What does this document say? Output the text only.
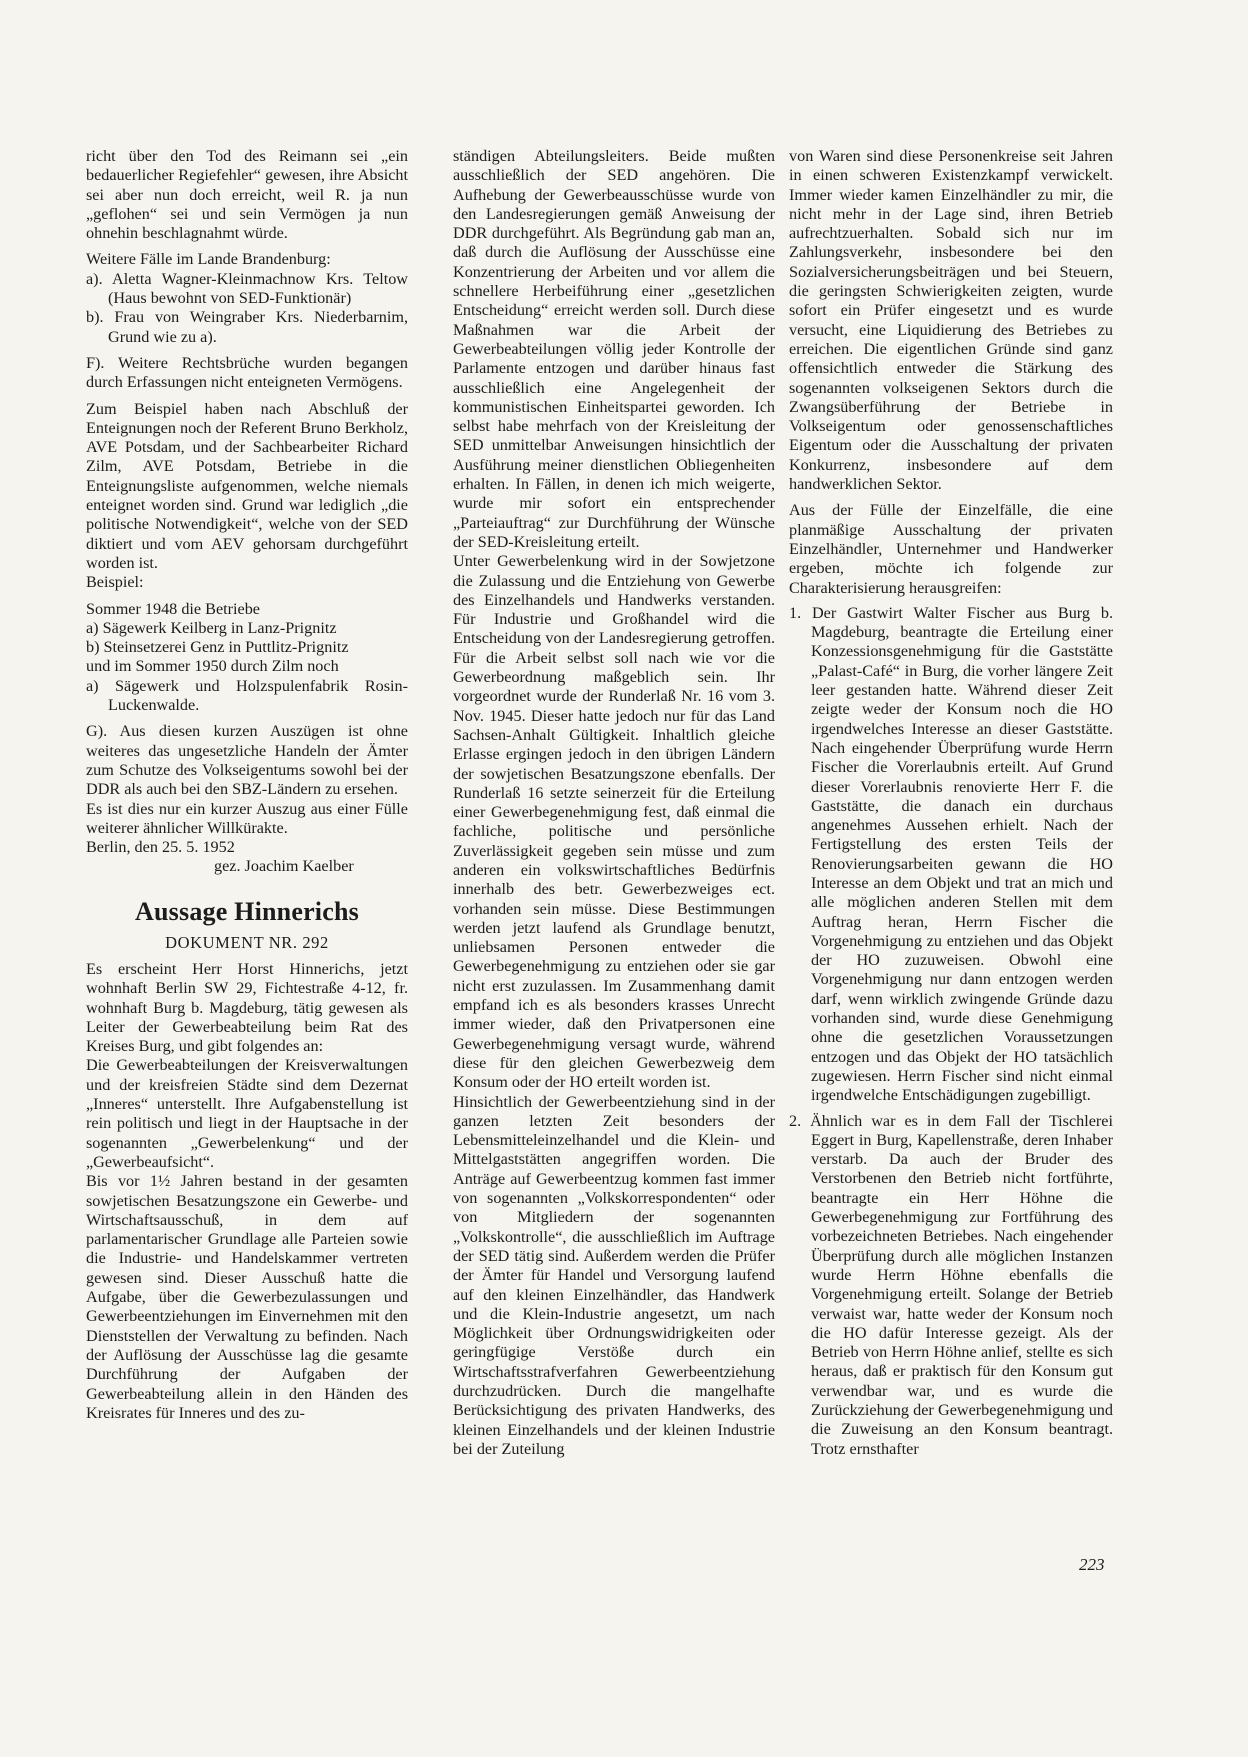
richt über den Tod des Reimann sei „ein bedauerlicher Regiefehler“ gewesen, ihre Absicht sei aber nun doch erreicht, weil R. ja nun „geflohen“ sei und sein Vermögen ja nun ohnehin beschlagnahmt würde.

Weitere Fälle im Lande Brandenburg:

a). Aletta Wagner-Kleinmachnow Krs. Teltow (Haus bewohnt von SED-Funktionär)

b). Frau von Weingraber Krs. Niederbarnim, Grund wie zu a).

F). Weitere Rechtsbrüche wurden begangen durch Erfassungen nicht enteigneten Vermögens.

Zum Beispiel haben nach Abschluß der Enteignungen noch der Referent Bruno Berkholz, AVE Potsdam, und der Sachbearbeiter Richard Zilm, AVE Potsdam, Betriebe in die Enteignungsliste aufgenommen, welche niemals enteignet worden sind. Grund war lediglich „die politische Notwendigkeit“, welche von der SED diktiert und vom AEV gehorsam durchgeführt worden ist.

Beispiel:

Sommer 1948 die Betriebe

a) Sägewerk Keilberg in Lanz-Prignitz

b) Steinsetzerei Genz in Puttlitz-Prignitz

und im Sommer 1950 durch Zilm noch

a) Sägewerk und Holzspulenfabrik Rosin-Luckenwalde.

G). Aus diesen kurzen Auszügen ist ohne weiteres das ungesetzliche Handeln der Ämter zum Schutze des Volkseigentums sowohl bei der DDR als auch bei den SBZ-Ländern zu ersehen.

Es ist dies nur ein kurzer Auszug aus einer Fülle weiterer ähnlicher Willkürakte.

Berlin, den 25. 5. 1952

gez. Joachim Kaelber

Aussage Hinnerichs
DOKUMENT NR. 292

Es erscheint Herr Horst Hinnerichs, jetzt wohnhaft Berlin SW 29, Fichtestraße 4-12, fr. wohnhaft Burg b. Magdeburg, tätig gewesen als Leiter der Gewerbeabteilung beim Rat des Kreises Burg, und gibt folgendes an:

Die Gewerbeabteilungen der Kreisverwaltungen und der kreisfreien Städte sind dem Dezernat „Inneres“ unterstellt. Ihre Aufgabenstellung ist rein politisch und liegt in der Hauptsache in der sogenannten „Gewerbelenkung“ und der „Gewerbeaufsicht“.

Bis vor 1½ Jahren bestand in der gesamten sowjetischen Besatzungszone ein Gewerbe- und Wirtschaftsausschuß, in dem auf parlamentarischer Grundlage alle Parteien sowie die Industrie- und Handelskammer vertreten gewesen sind. Dieser Ausschuß hatte die Aufgabe, über die Gewerbezulassungen und Gewerbeentziehungen im Einvernehmen mit den Dienststellen der Verwaltung zu befinden. Nach der Auflösung der Ausschüsse lag die gesamte Durchführung der Aufgaben der Gewerbeabteilung allein in den Händen des Kreisrates für Inneres und des zu-

ständigen Abteilungsleiters. Beide mußten ausschließlich der SED angehören. Die Aufhebung der Gewerbeausschüsse wurde von den Landesregierungen gemäß Anweisung der DDR durchgeführt. Als Begründung gab man an, daß durch die Auflösung der Ausschüsse eine Konzentrierung der Arbeiten und vor allem die schnellere Herbeiführung einer „gesetzlichen Entscheidung“ erreicht werden soll. Durch diese Maßnahmen war die Arbeit der Gewerbeabteilungen völlig jeder Kontrolle der Parlamente entzogen und darüber hinaus fast ausschließlich eine Angelegenheit der kommunistischen Einheitspartei geworden. Ich selbst habe mehrfach von der Kreisleitung der SED unmittelbar Anweisungen hinsichtlich der Ausführung meiner dienstlichen Obliegenheiten erhalten. In Fällen, in denen ich mich weigerte, wurde mir sofort ein entsprechender „Parteiauftrag“ zur Durchführung der Wünsche der SED-Kreisleitung erteilt.

Unter Gewerbelenkung wird in der Sowjetzone die Zulassung und die Entziehung von Gewerbe des Einzelhandels und Handwerks verstanden. Für Industrie und Großhandel wird die Entscheidung von der Landesregierung getroffen. Für die Arbeit selbst soll nach wie vor die Gewerbeordnung maßgeblich sein. Ihr vorgeordnet wurde der Runderlaß Nr. 16 vom 3. Nov. 1945. Dieser hatte jedoch nur für das Land Sachsen-Anhalt Gültigkeit. Inhaltlich gleiche Erlasse ergingen jedoch in den übrigen Ländern der sowjetischen Besatzungszone ebenfalls. Der Runderlaß 16 setzte seinerzeit für die Erteilung einer Gewerbegenehmigung fest, daß einmal die fachliche, politische und persönliche Zuverlässigkeit gegeben sein müsse und zum anderen ein volkswirtschaftliches Bedürfnis innerhalb des betr. Gewerbezweiges ect. vorhanden sein müsse. Diese Bestimmungen werden jetzt laufend als Grundlage benutzt, unliebsamen Personen entweder die Gewerbegenehmigung zu entziehen oder sie gar nicht erst zuzulassen. Im Zusammenhang damit empfand ich es als besonders krasses Unrecht immer wieder, daß den Privatpersonen eine Gewerbegenehmigung versagt wurde, während diese für den gleichen Gewerbezweig dem Konsum oder der HO erteilt worden ist.

Hinsichtlich der Gewerbeentziehung sind in der ganzen letzten Zeit besonders der Lebensmitteleinzelhandel und die Klein- und Mittelgaststätten angegriffen worden. Die Anträge auf Gewerbeentzug kommen fast immer von sogenannten „Volkskorrespondenten“ oder von Mitgliedern der sogenannten „Volkskontrolle“, die ausschließlich im Auftrage der SED tätig sind. Außerdem werden die Prüfer der Ämter für Handel und Versorgung laufend auf den kleinen Einzelhändler, das Handwerk und die Klein-Industrie angesetzt, um nach Möglichkeit über Ordnungswidrigkeiten oder geringfügige Verstöße durch ein Wirtschaftsstrafverfahren Gewerbeentziehung durchzudrücken. Durch die mangelhafte Berücksichtigung des privaten Handwerks, des kleinen Einzelhandels und der kleinen Industrie bei der Zuteilung

von Waren sind diese Personenkreise seit Jahren in einen schweren Existenzkampf verwickelt. Immer wieder kamen Einzelhändler zu mir, die nicht mehr in der Lage sind, ihren Betrieb aufrechtzuerhalten. Sobald sich nur im Zahlungsverkehr, insbesondere bei den Sozialversicherungsbeiträgen und bei Steuern, die geringsten Schwierigkeiten zeigten, wurde sofort ein Prüfer eingesetzt und es wurde versucht, eine Liquidierung des Betriebes zu erreichen. Die eigentlichen Gründe sind ganz offensichtlich entweder die Stärkung des sogenannten volkseigenen Sektors durch die Zwangsüberführung der Betriebe in Volkseigentum oder genossenschaftliches Eigentum oder die Ausschaltung der privaten Konkurrenz, insbesondere auf dem handwerklichen Sektor.

Aus der Fülle der Einzelfälle, die eine planmäßige Ausschaltung der privaten Einzelhändler, Unternehmer und Handwerker ergeben, möchte ich folgende zur Charakterisierung herausgreifen:

1. Der Gastwirt Walter Fischer aus Burg b. Magdeburg, beantragte die Erteilung einer Konzessionsgenehmigung für die Gaststätte „Palast-Café“ in Burg, die vorher längere Zeit leer gestanden hatte. Während dieser Zeit zeigte weder der Konsum noch die HO irgendwelches Interesse an dieser Gaststätte. Nach eingehender Überprüfung wurde Herrn Fischer die Vorerlaubnis erteilt. Auf Grund dieser Vorerlaubnis renovierte Herr F. die Gaststätte, die danach ein durchaus angenehmes Aussehen erhielt. Nach der Fertigstellung des ersten Teils der Renovierungsarbeiten gewann die HO Interesse an dem Objekt und trat an mich und alle möglichen anderen Stellen mit dem Auftrag heran, Herrn Fischer die Vorgenehmigung zu entziehen und das Objekt der HO zuzuweisen. Obwohl eine Vorgenehmigung nur dann entzogen werden darf, wenn wirklich zwingende Gründe dazu vorhanden sind, wurde diese Genehmigung ohne die gesetzlichen Voraussetzungen entzogen und das Objekt der HO tatsächlich zugewiesen. Herrn Fischer sind nicht einmal irgendwelche Entschädigungen zugebilligt.

2. Ähnlich war es in dem Fall der Tischlerei Eggert in Burg, Kapellenstraße, deren Inhaber verstarb. Da auch der Bruder des Verstorbenen den Betrieb nicht fortführte, beantragte ein Herr Höhne die Gewerbegenehmigung zur Fortführung des vorbezeichneten Betriebes. Nach eingehender Überprüfung durch alle möglichen Instanzen wurde Herrn Höhne ebenfalls die Vorgenehmigung erteilt. Solange der Betrieb verwaist war, hatte weder der Konsum noch die HO dafür Interesse gezeigt. Als der Betrieb von Herrn Höhne anlief, stellte es sich heraus, daß er praktisch für den Konsum gut verwendbar war, und es wurde die Zurückziehung der Gewerbegenehmigung und die Zuweisung an den Konsum beantragt. Trotz ernsthafter

223
